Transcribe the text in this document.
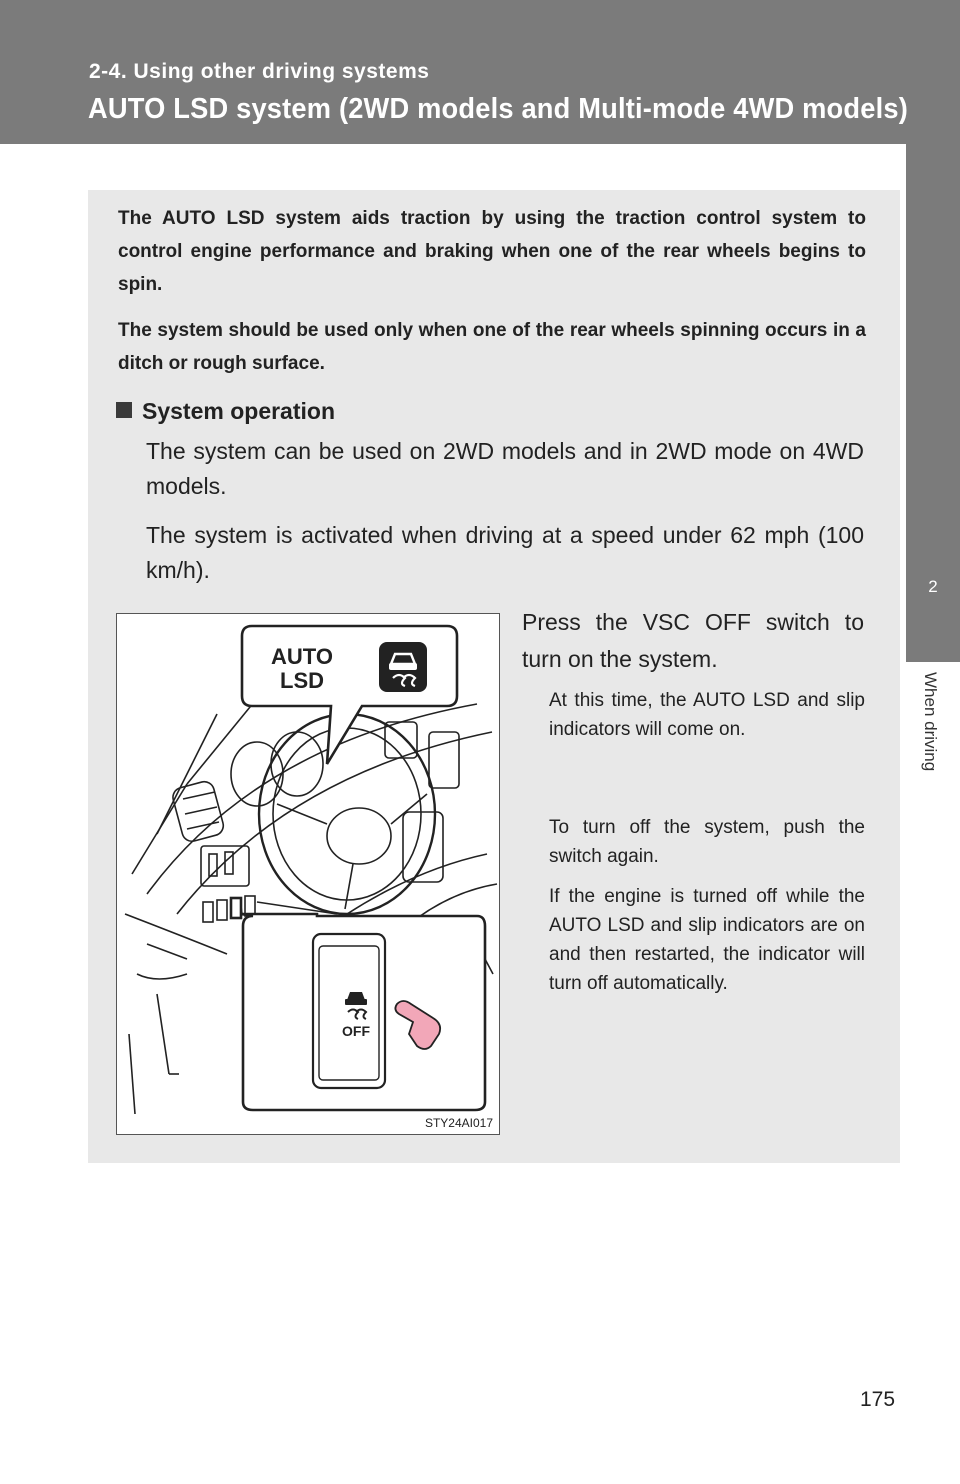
2-4. Using other driving systems
AUTO LSD system (2WD models and Multi-mode 4WD models)
2
When driving

The AUTO LSD system aids traction by using the traction control system to control engine performance and braking when one of the rear wheels begins to spin.

The system should be used only when one of the rear wheels spinning occurs in a ditch or rough surface.

System operation

The system can be used on 2WD models and in 2WD mode on 4WD models.

The system is activated when driving at a speed under 62 mph (100 km/h).

AUTO
LSD
OFF
STY24AI017

Press the VSC OFF switch to turn on the system.

At this time, the AUTO LSD and slip indicators will come on.

To turn off the system, push the switch again.

If the engine is turned off while the AUTO LSD and slip indicators are on and then restarted, the indicator will turn off automatically.

175
